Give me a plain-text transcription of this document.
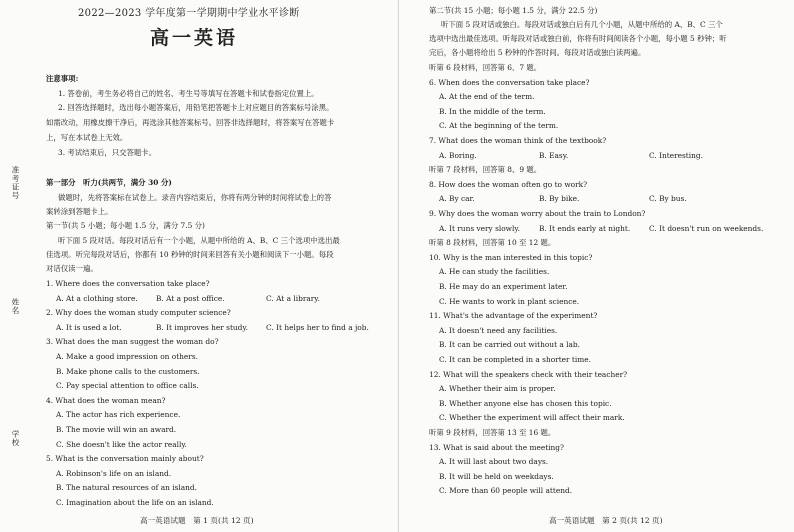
2022—2023 学年度第一学期期中学业水平诊断
高一英语
注意事项:
1. 答卷前，考生务必将自己的姓名、考生号等填写在答题卡和试卷指定位置上。
2. 回答选择题时，选出每小题答案后，用铅笔把答题卡上对应题目的答案标号涂黑。
如需改动，用橡皮擦干净后，再选涂其他答案标号。回答非选择题时，将答案写在答题卡
上，写在本试卷上无效。
3. 考试结束后，只交答题卡。
第一部分　听力(共两节，满分 30 分)
做题时，先将答案标在试卷上。录音内容结束后，你将有两分钟的时间将试卷上的答
案转涂到答题卡上。
第一节(共 5 小题；每小题 1.5 分，满分 7.5 分)
听下面 5 段对话。每段对话后有一个小题，从题中所给的 A、B、C 三个选项中选出最
佳选项。听完每段对话后，你都有 10 秒钟的时间来回答有关小题和阅读下一小题。每段
对话仅读一遍。
1. Where does the conversation take place?
A. At a clothing store. B. At a post office.	C. At a library.
2. Why does the woman study computer science?
A. It is used a lot.	B. It improves her study. C. It helps her to find a job.
3. What does the man suggest the woman do?
A. Make a good impression on others.
B. Make phone calls to the customers.
C. Pay special attention to office calls.
4. What does the woman mean?
A. The actor has rich experience.
B. The movie will win an award.
C. She doesn't like the actor really.
5. What is the conversation mainly about?
A. Robinson's life on an island.
B. The natural resources of an island.
C. Imagination about the life on an island.
准考证号
姓名
学校
高一英语试题　第 1 页(共 12 页)
第二节(共 15 小题；每小题 1.5 分，满分 22.5 分)
听下面 5 段对话或独白。每段对话或独白后有几个小题，从题中所给的 A、B、C 三个
选项中选出最佳选项。听每段对话或独白前，你将有时间阅读各个小题，每小题 5 秒钟；听
完后，各小题将给出 5 秒钟的作答时间。每段对话或独白读两遍。
听第 6 段材料，回答第 6、7 题。
6. When does the conversation take place?
A. At the end of the term.
B. In the middle of the term.
C. At the beginning of the term.
7. What does the woman think of the textbook?
A. Boring.	B. Easy.	C. Interesting.
听第 7 段材料，回答第 8、9 题。
8. How does the woman often go to work?
A. By car.	B. By bike.	C. By bus.
9. Why does the woman worry about the train to London?
A. It runs very slowly.	B. It ends early at night.	C. It doesn't run on weekends.
听第 8 段材料，回答第 10 至 12 题。
10. Why is the man interested in this topic?
A. He can study the facilities.
B. He may do an experiment later.
C. He wants to work in plant science.
11. What's the advantage of the experiment?
A. It doesn't need any facilities.
B. It can be carried out without a lab.
C. It can be completed in a shorter time.
12. What will the speakers check with their teacher?
A. Whether their aim is proper.
B. Whether anyone else has chosen this topic.
C. Whether the experiment will affect their mark.
听第 9 段材料，回答第 13 至 16 题。
13. What is said about the meeting?
A. It will last about two days.
B. It will be held on weekdays.
C. More than 60 people will attend.
高一英语试题　第 2 页(共 12 页)
